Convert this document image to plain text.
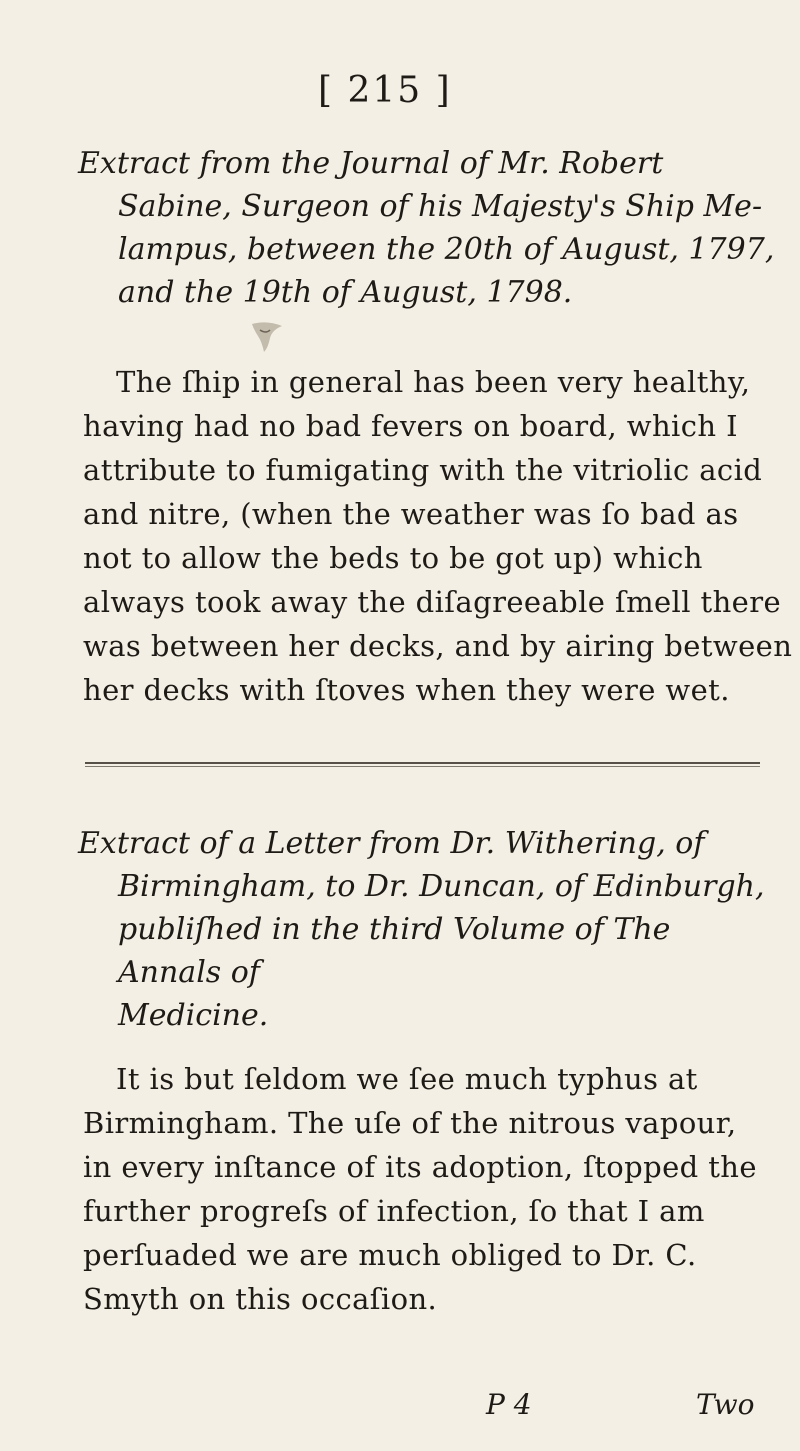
[ 215 ]
Extract from the Journal of Mr. Robert
Sabine, Surgeon of his Majesty's Ship Me-
lampus, between the 20th of August, 1797,
and the 19th of August, 1798.
The ſhip in general has been very healthy,
having had no bad fevers on board, which I
attribute to fumigating with the vitriolic acid
and nitre, (when the weather was ſo bad as
not to allow the beds to be got up) which
always took away the diſagreeable ſmell there
was between her decks, and by airing between
her decks with ſtoves when they were wet.
Extract of a Letter from Dr. Withering, of
Birmingham, to Dr. Duncan, of Edinburgh,
publiſhed in the third Volume of The Annals of
Medicine.
It is but ſeldom we ſee much typhus at
Birmingham. The uſe of the nitrous vapour,
in every inſtance of its adoption, ſtopped the
further progreſs of infection, ſo that I am
perſuaded we are much obliged to Dr. C.
Smyth on this occaſion.
P 4	Two
